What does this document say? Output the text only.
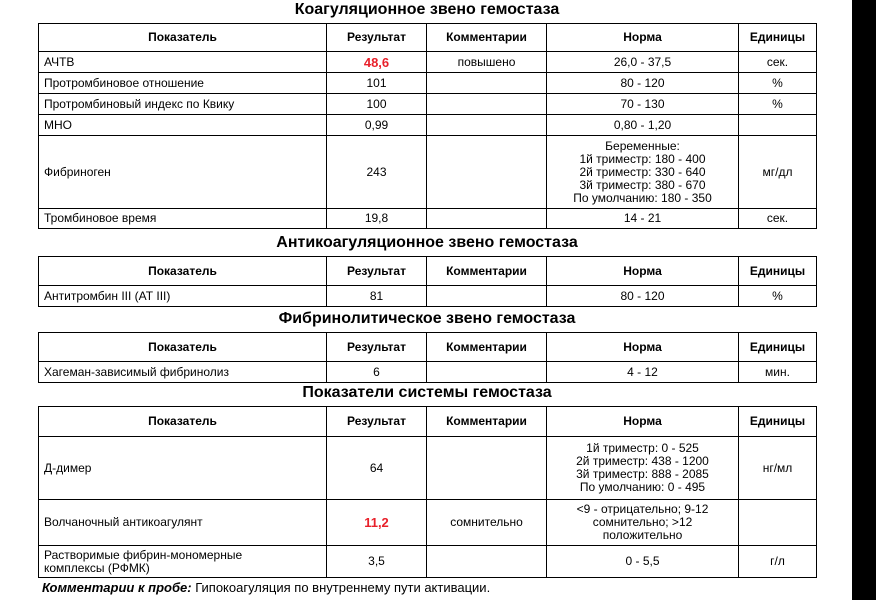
Коагуляционное звено гемостаза
Показатель	Результат	Комментарии	Норма	Единицы
АЧТВ	48,6	повышено	26,0 - 37,5	сек.
Протромбиновое отношение	101		80 - 120	%
Протромбиновый индекс по Квику	100		70 - 130	%
МНО	0,99		0,80 - 1,20	
Фибриноген	243		Беременные:
1й триместр: 180 - 400
2й триместр: 330 - 640
3й триместр: 380 - 670
По умолчанию: 180 - 350	мг/дл
Тромбиновое время	19,8		14 - 21	сек.
Антикоагуляционное звено гемостаза
Показатель	Результат	Комментарии	Норма	Единицы
Антитромбин III (АТ III)	81		80 - 120	%
Фибринолитическое звено гемостаза
Показатель	Результат	Комментарии	Норма	Единицы
Хагеман-зависимый фибринолиз	6		4 - 12	мин.
Показатели системы гемостаза
Показатель	Результат	Комментарии	Норма	Единицы
Д-димер	64		1й триместр: 0 - 525
2й триместр: 438 - 1200
3й триместр: 888 - 2085
По умолчанию: 0 - 495	нг/мл
Волчаночный антикоагулянт	11,2	сомнительно	<9 - отрицательно; 9-12
сомнительно; >12
положительно	

Растворимые фибрин-мономерные
комплексы (РФМК)	3,5		0 - 5,5	г/л
Комментарии к пробе: Гипокоагуляция по внутреннему пути активации.
